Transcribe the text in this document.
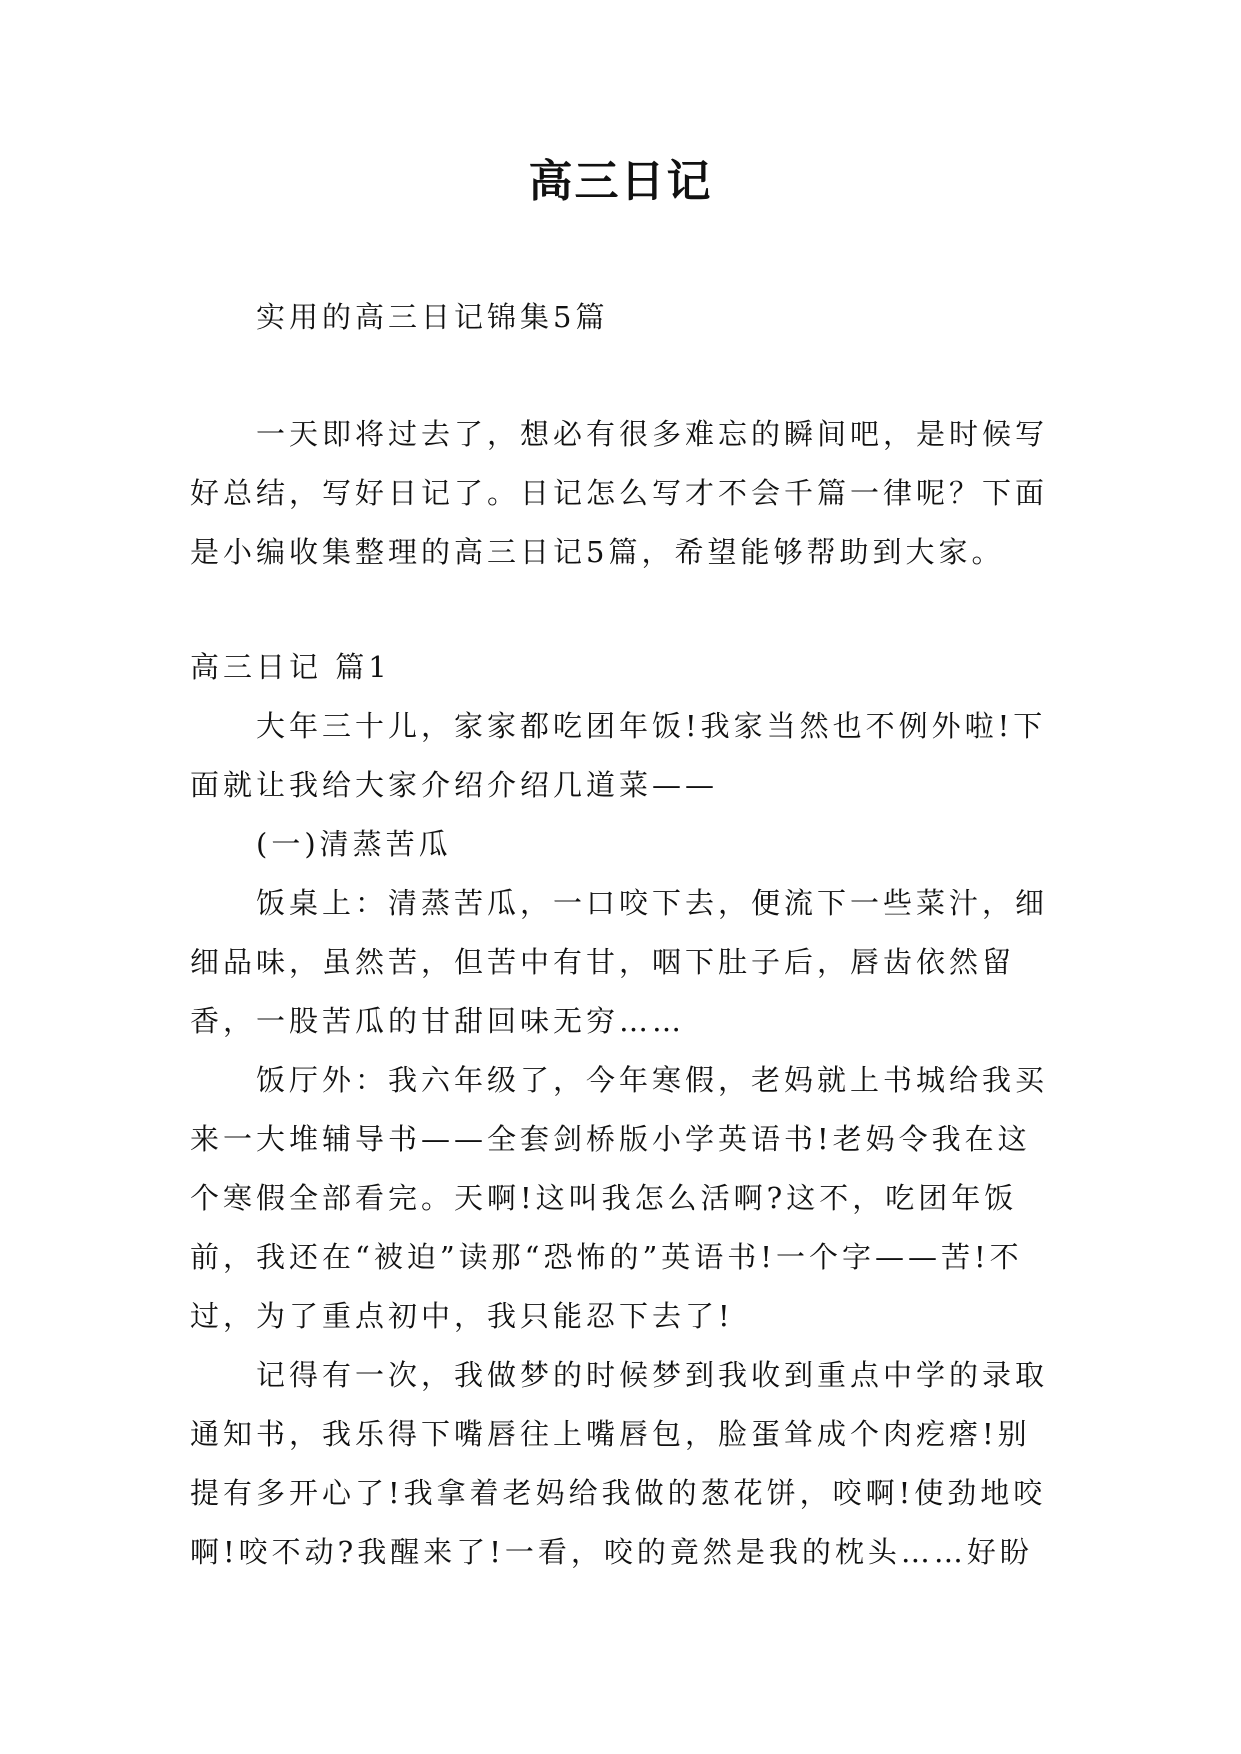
高三日记

实用的高三日记锦集5篇

一天即将过去了，想必有很多难忘的瞬间吧，是时候写好总结，写好日记了。日记怎么写才不会千篇一律呢？下面是小编收集整理的高三日记5篇，希望能够帮助到大家。

高三日记 篇1

大年三十儿，家家都吃团年饭!我家当然也不例外啦!下面就让我给大家介绍介绍几道菜——

(一)清蒸苦瓜

饭桌上：清蒸苦瓜，一口咬下去，便流下一些菜汁，细细品味，虽然苦，但苦中有甘，咽下肚子后，唇齿依然留香，一股苦瓜的甘甜回味无穷……

饭厅外：我六年级了，今年寒假，老妈就上书城给我买来一大堆辅导书——全套剑桥版小学英语书!老妈令我在这个寒假全部看完。天啊!这叫我怎么活啊?这不，吃团年饭前，我还在“被迫”读那“恐怖的”英语书!一个字——苦!不过，为了重点初中，我只能忍下去了!

记得有一次，我做梦的时候梦到我收到重点中学的录取通知书，我乐得下嘴唇往上嘴唇包，脸蛋耸成个肉疙瘩!别提有多开心了!我拿着老妈给我做的葱花饼，咬啊!使劲地咬啊!咬不动?我醒来了!一看，咬的竟然是我的枕头……好盼
